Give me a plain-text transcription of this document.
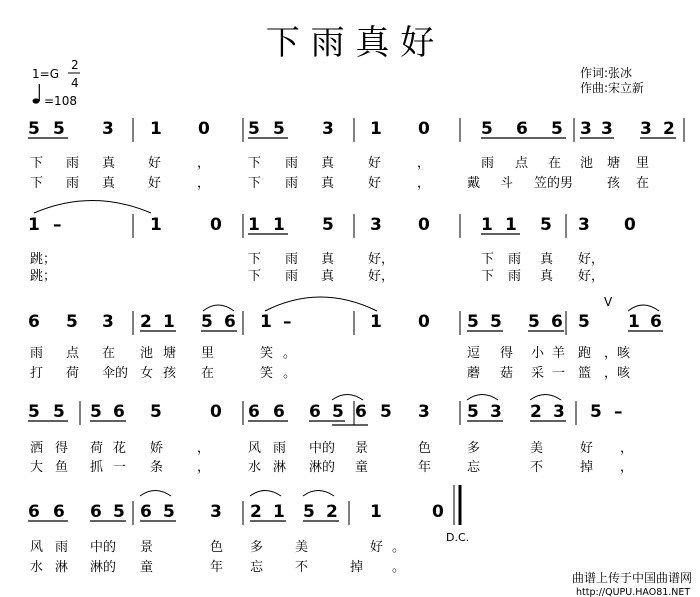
下 雨 真 好
1=G
2
4
=108
作词:张冰
作曲:宋立新
5 5 3 1 0 5 5 3 1 0	5 6 5 3 3 3 2
下 雨 真	好	，	下 雨 真	好	，	雨 点 在 池 塘 里
下 雨 真	好	，	下 雨 真	好	，	戴 斗 笠的男	孩 在
1 –	1	0 1 1 5 3 0	1 1 5 3 0
跳；	下 雨 真	好，	下 雨 真 好，
跳；	下 雨 真	好，	下 雨 真 好，
6 5 3 2 1 5 6 1 –	1 0 5 5 5 6 5 1 6
V
雨 点 在 池 塘 里	笑 。	逗 得 小 羊 跑 ，咳
打 荷 伞的 女 孩 在	笑 。	蘑 菇 采 一 篮 ，咳
5 5 5 6 5	0 6 6 6 5 6 5 3 5 3 2 3 5 –
洒 得 荷 花 娇	，	风 雨 中的 景	色	多	美	好 ，
大 鱼 抓 一 条	，	水 淋 淋的 童	年	忘	不	掉 ，
6 6 6 5 6 5 3 2 1 5 2 1	0
D.C.
风 雨 中的 景	色 多 美	好 。
水 淋 淋的 童	年 忘 不	掉 。
曲谱上传于中国曲谱网
http://QUPU.HAO81.NET
